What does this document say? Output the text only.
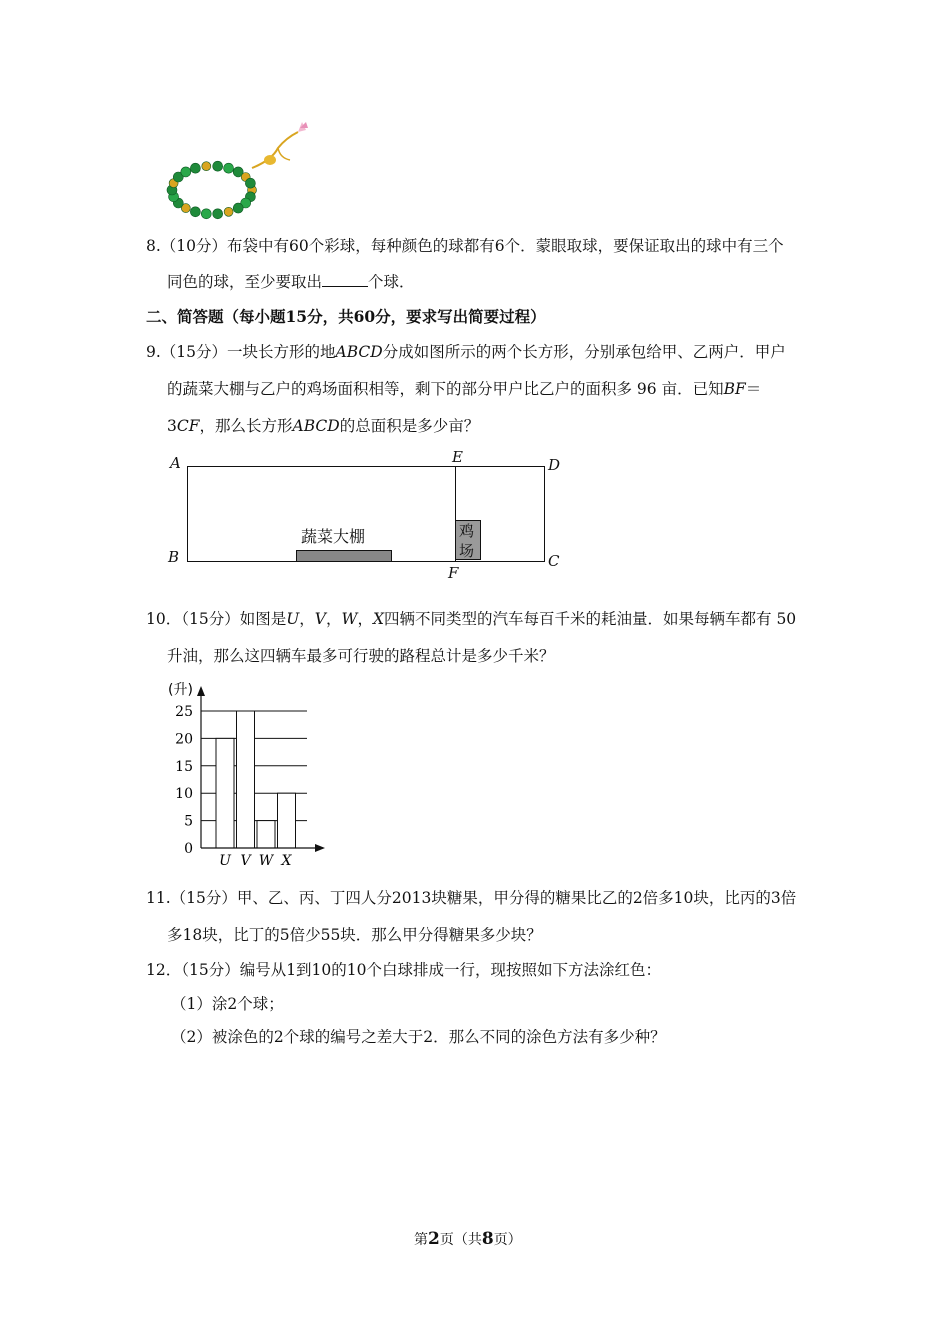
8.（10分）布袋中有60个彩球，每种颜色的球都有6个．蒙眼取球，要保证取出的球中有三个
同色的球，至少要取出	个球．
二、简答题（每小题15分，共60分，要求写出简要过程）
9.（15分）一块长方形的地ABCD分成如图所示的两个长方形，分别承包给甲、乙两户．甲户
的蔬菜大棚与乙户的鸡场面积相等，剩下的部分甲户比乙户的面积多 96 亩．已知BF＝
3CF，那么长方形ABCD的总面积是多少亩？
蔬菜大棚	鸡
场
A
B	C
D
E
F
10．（15分）如图是U，V，W，X四辆不同类型的汽车每百千米的耗油量．如果每辆车都有 50
升油，那么这四辆车最多可行驶的路程总计是多少千米？
U V W X
0
5
10
15
20
25
(升)
11.（15分）甲、乙、丙、丁四人分2013块糖果，甲分得的糖果比乙的2倍多10块，比丙的3倍
多18块，比丁的5倍少55块．那么甲分得糖果多少块？
12．（15分）编号从1到10的10个白球排成一行，现按照如下方法涂红色：
（1）涂2个球；
（2）被涂色的2个球的编号之差大于2．那么不同的涂色方法有多少种？
第2页（共8页）
